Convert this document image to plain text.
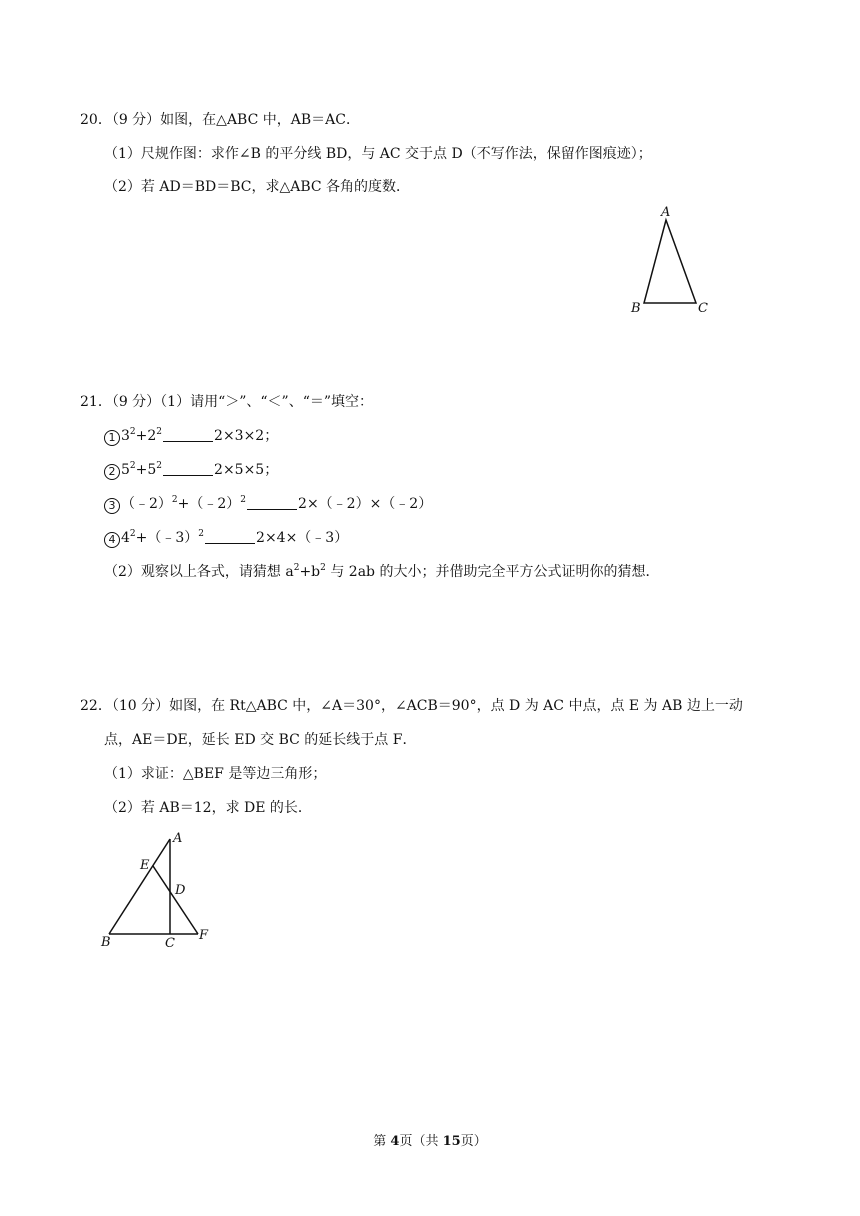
20．（9 分）如图，在△ABC 中，AB＝AC．
（1）尺规作图：求作∠B 的平分线 BD，与 AC 交于点 D（不写作法，保留作图痕迹）；
（2）若 AD＝BD＝BC，求△ABC 各角的度数．
A
B	C
21．（9 分）（1）请用“＞”、“＜”、“＝”填空：
1 $3^2+2^2$	2×3×2；
2 $5^2+5^2$	2×5×5；
3 （﹣2）$^2$+（﹣2）$^2$	2×（﹣2）×（﹣2）
4 $4^2+(﹣3)^2$	2×4×（﹣3）
（2）观察以上各式，请猜想 $a^2+b^2$ 与 2ab 的大小；并借助完全平方公式证明你的猜想．
22．（10 分）如图，在 Rt△ABC 中，∠A＝30°，∠ACB＝90°，点 D 为 AC 中点，点 E 为 AB 边上一动
点，AE＝DE，延长 ED 交 BC 的延长线于点 F．
（1）求证：△BEF 是等边三角形；
（2）若 AB＝12，求 DE 的长．
A
B	C
D
E
F
第 4页（共 15页）
